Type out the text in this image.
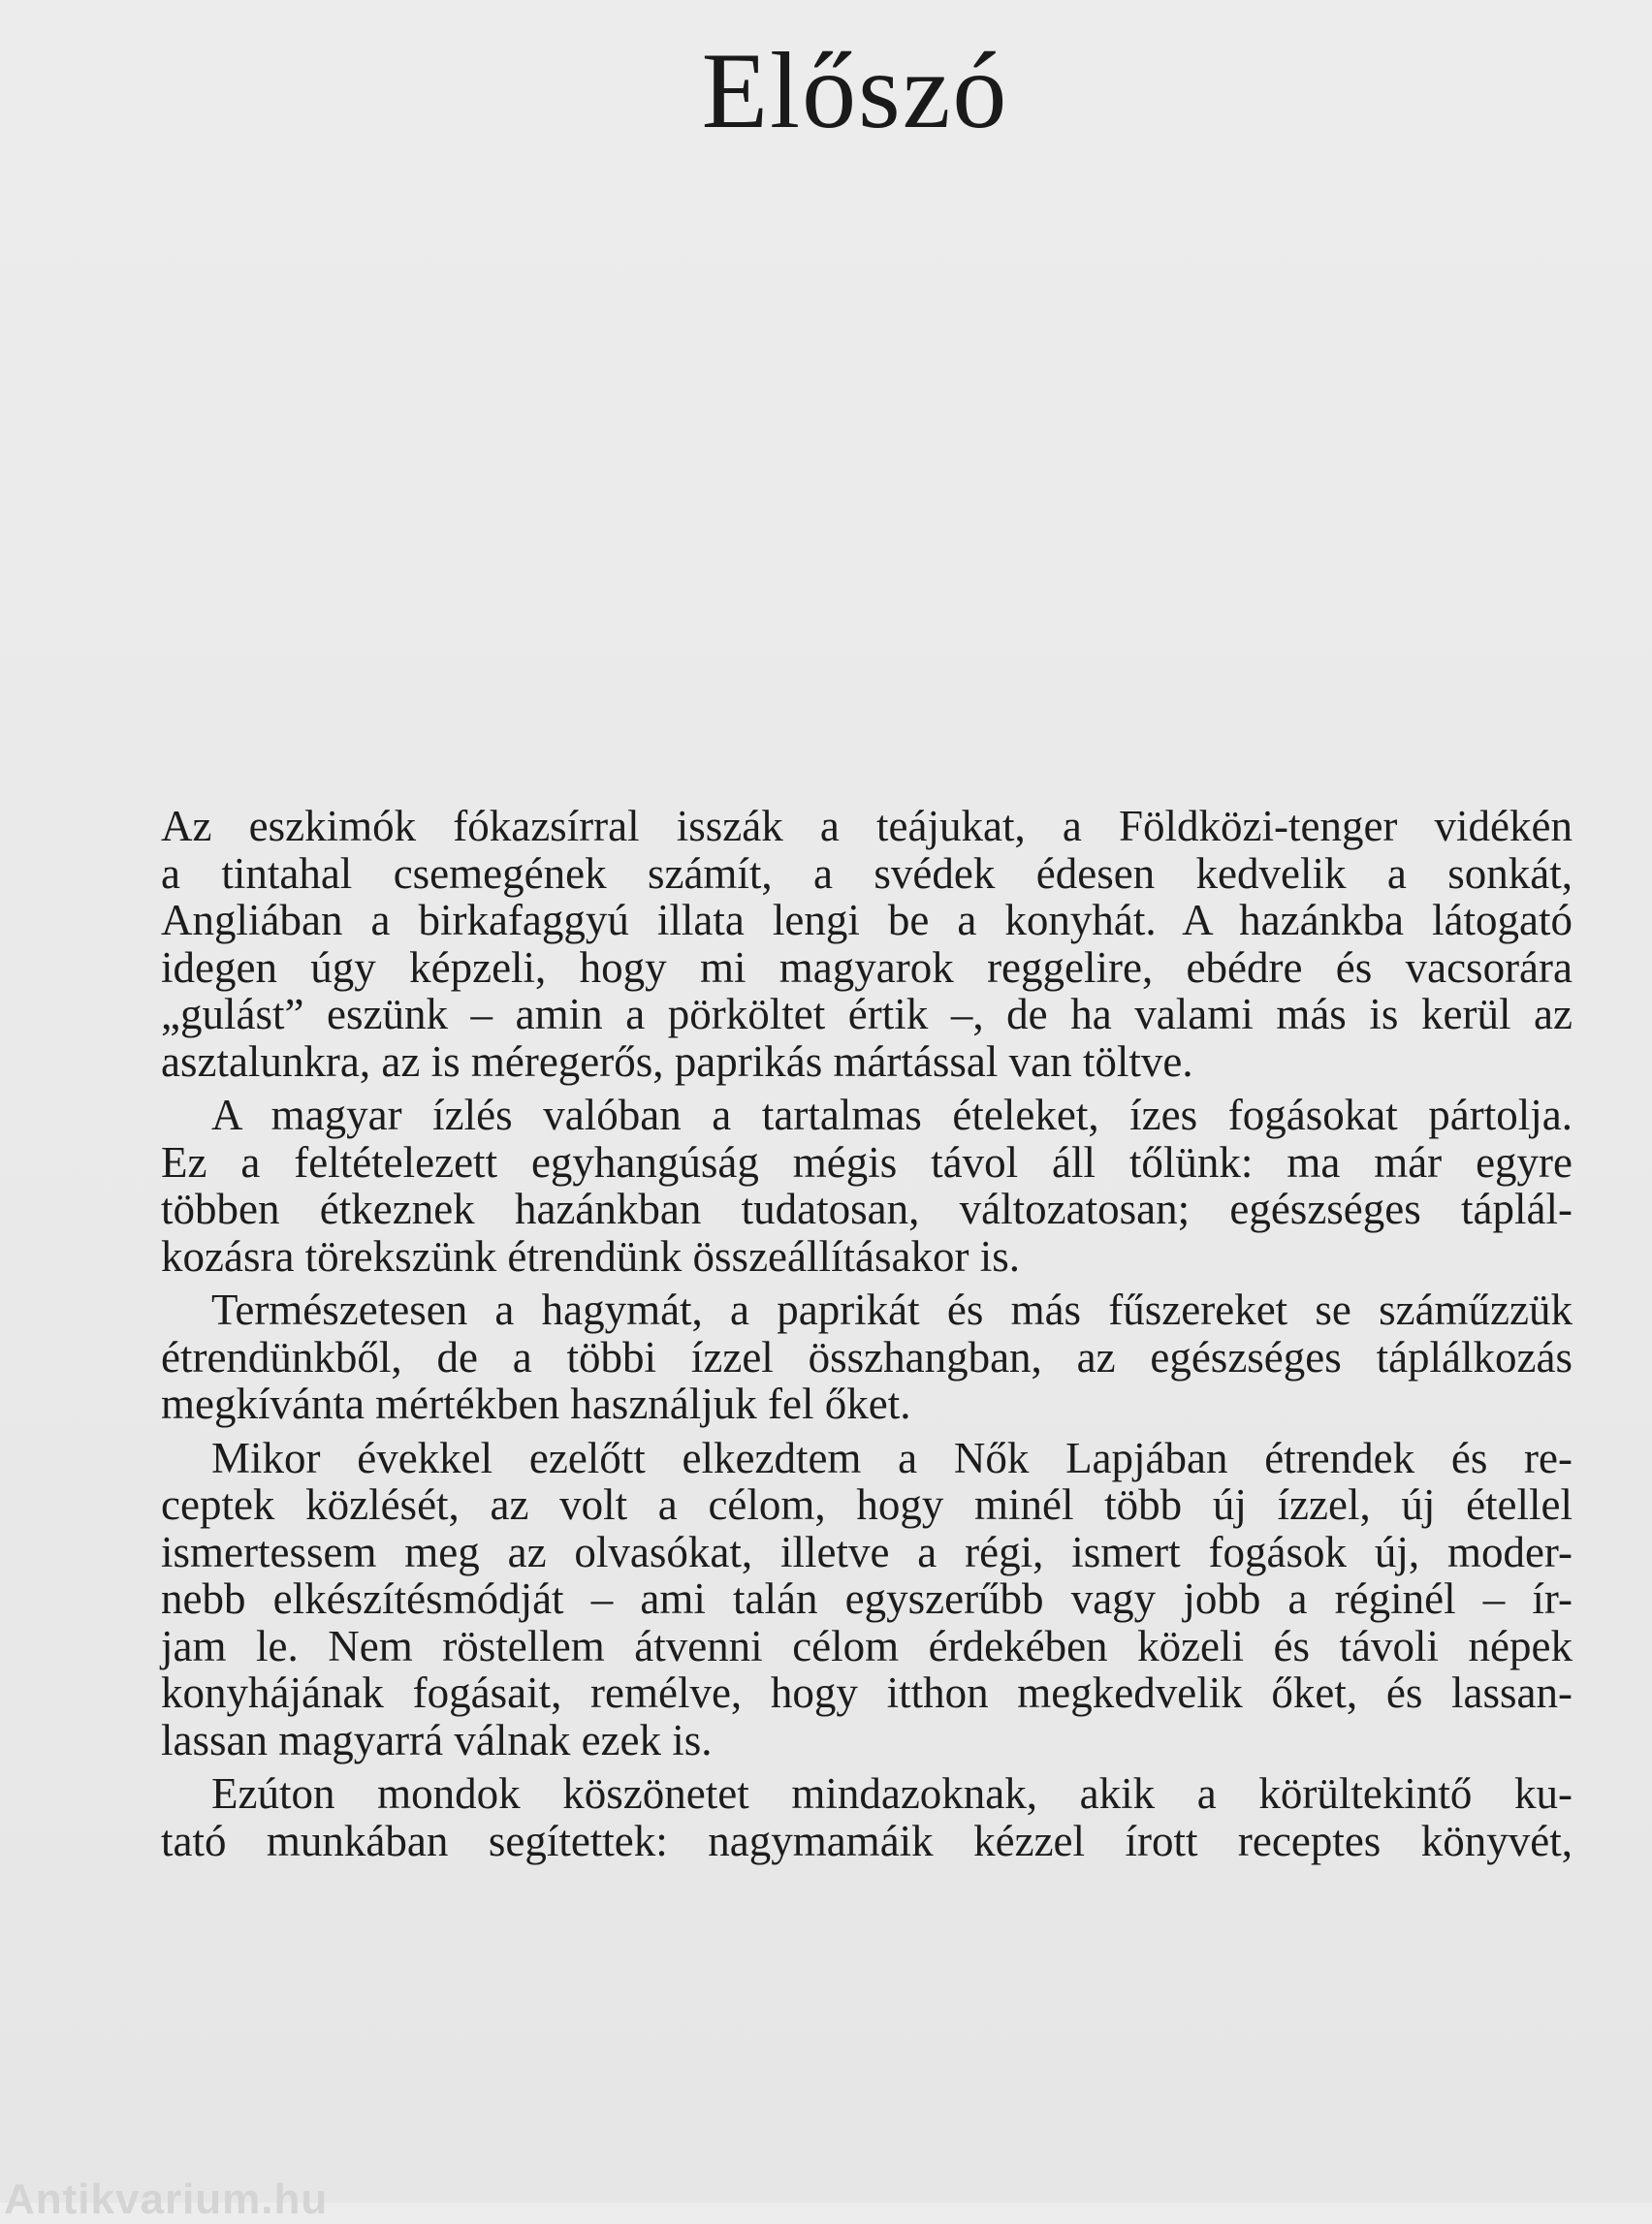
Előszó
Az eszkimók fókazsírral isszák a teájukat, a Földközi-tenger vidékén
a tintahal csemegének számít, a svédek édesen kedvelik a sonkát,
Angliában a birkafaggyú illata lengi be a konyhát. A hazánkba látogató
idegen úgy képzeli, hogy mi magyarok reggelire, ebédre és vacsorára
„gulást” eszünk – amin a pörköltet értik –, de ha valami más is kerül az
asztalunkra, az is méregerős, paprikás mártással van töltve.
A magyar ízlés valóban a tartalmas ételeket, ízes fogásokat pártolja.
Ez a feltételezett egyhangúság mégis távol áll tőlünk: ma már egyre
többen étkeznek hazánkban tudatosan, változatosan; egészséges táplál-
kozásra törekszünk étrendünk összeállításakor is.
Természetesen a hagymát, a paprikát és más fűszereket se száműzzük
étrendünkből, de a többi ízzel összhangban, az egészséges táplálkozás
megkívánta mértékben használjuk fel őket.
Mikor évekkel ezelőtt elkezdtem a Nők Lapjában étrendek és re-
ceptek közlését, az volt a célom, hogy minél több új ízzel, új étellel
ismertessem meg az olvasókat, illetve a régi, ismert fogások új, moder-
nebb elkészítésmódját – ami talán egyszerűbb vagy jobb a réginél – ír-
jam le. Nem röstellem átvenni célom érdekében közeli és távoli népek
konyhájának fogásait, remélve, hogy itthon megkedvelik őket, és lassan-
lassan magyarrá válnak ezek is.
Ezúton mondok köszönetet mindazoknak, akik a körültekintő ku-
tató munkában segítettek: nagymamáik kézzel írott receptes könyvét,
Antikvarium.hu
